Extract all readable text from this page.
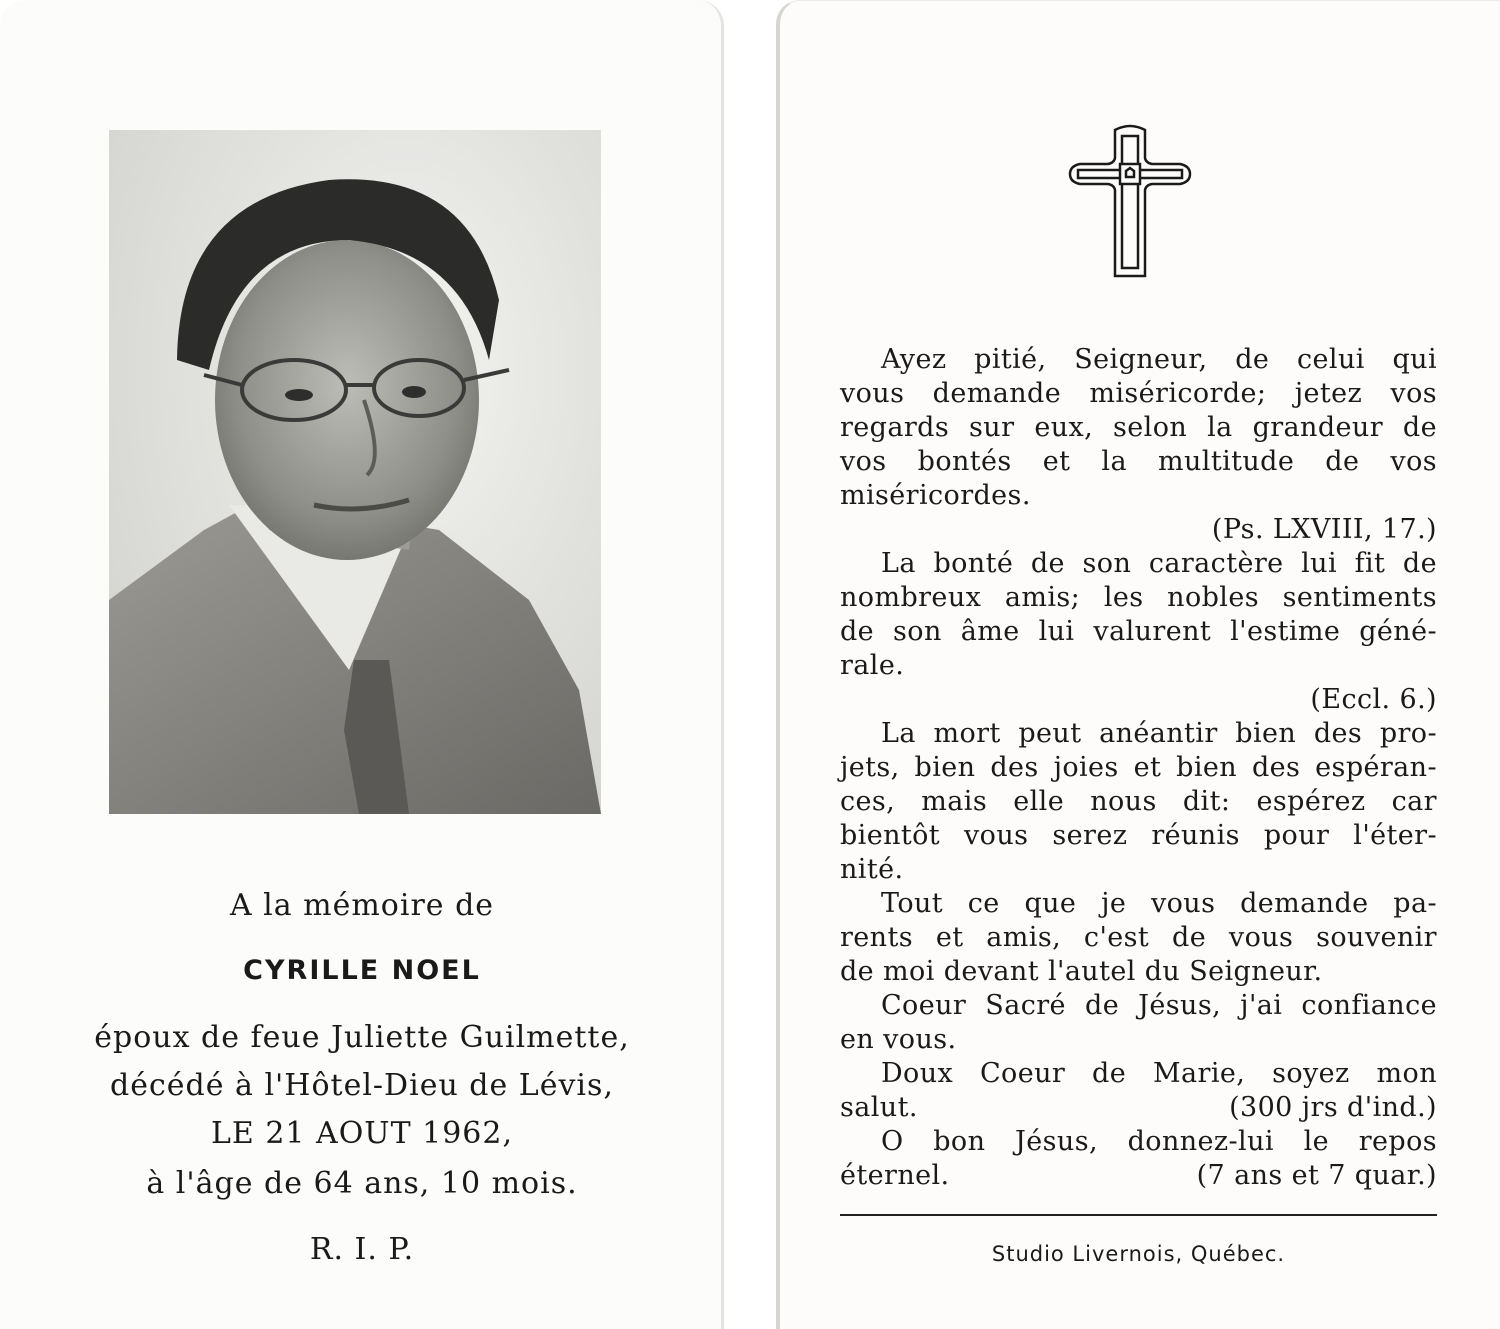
A la mémoire de
CYRILLE NOEL
époux de feue Juliette Guilmette,
décédé à l'Hôtel-Dieu de Lévis,
LE 21 AOUT 1962,
à l'âge de 64 ans, 10 mois.
R. I. P.
Ayez pitié, Seigneur, de celui qui
vous demande miséricorde; jetez vos
regards sur eux, selon la grandeur de
vos bontés et la multitude de vos
miséricordes.
(Ps. LXVIII, 17.)
La bonté de son caractère lui fit de
nombreux amis; les nobles sentiments
de son âme lui valurent l'estime géné-
rale.
(Eccl. 6.)
La mort peut anéantir bien des pro-
jets, bien des joies et bien des espéran-
ces, mais elle nous dit: espérez car
bientôt vous serez réunis pour l'éter-
nité.
Tout ce que je vous demande pa-
rents et amis, c'est de vous souvenir
de moi devant l'autel du Seigneur.
Coeur Sacré de Jésus, j'ai confiance
en vous.
Doux Coeur de Marie, soyez mon
salut.	(300 jrs d'ind.)
O bon Jésus, donnez-lui le repos
éternel.	(7 ans et 7 quar.)
Studio Livernois, Québec.
